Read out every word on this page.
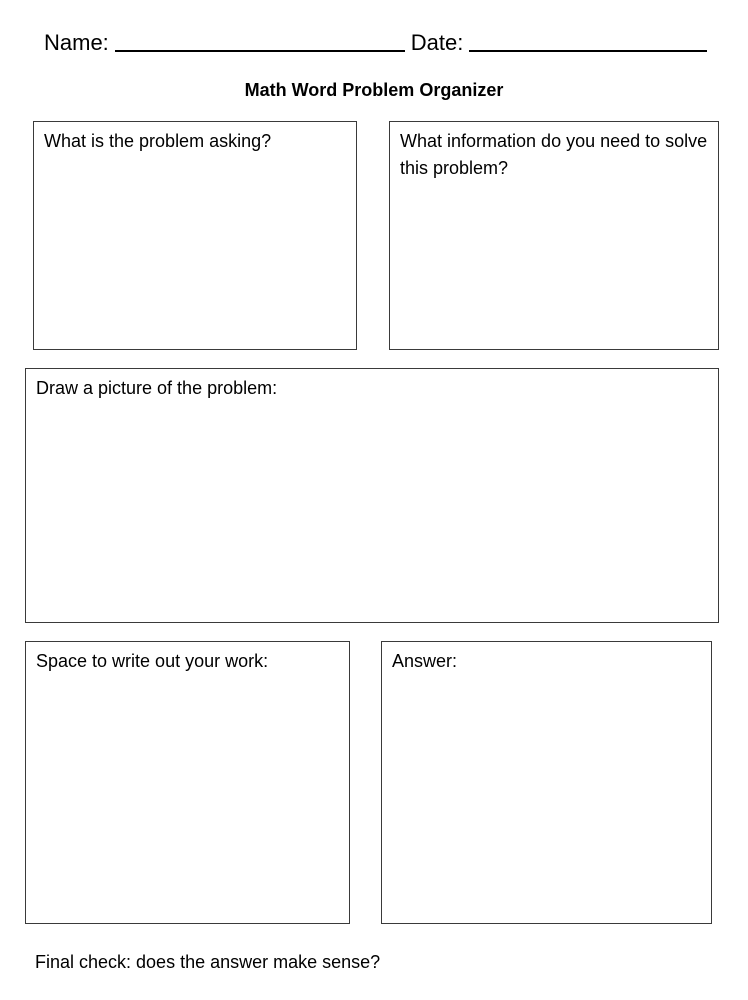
Name:	Date:
Math Word Problem Organizer
What is the problem asking?	What information do you need to solve this problem?
Draw a picture of the problem:
Space to write out your work:	Answer:
Final check: does the answer make sense?
